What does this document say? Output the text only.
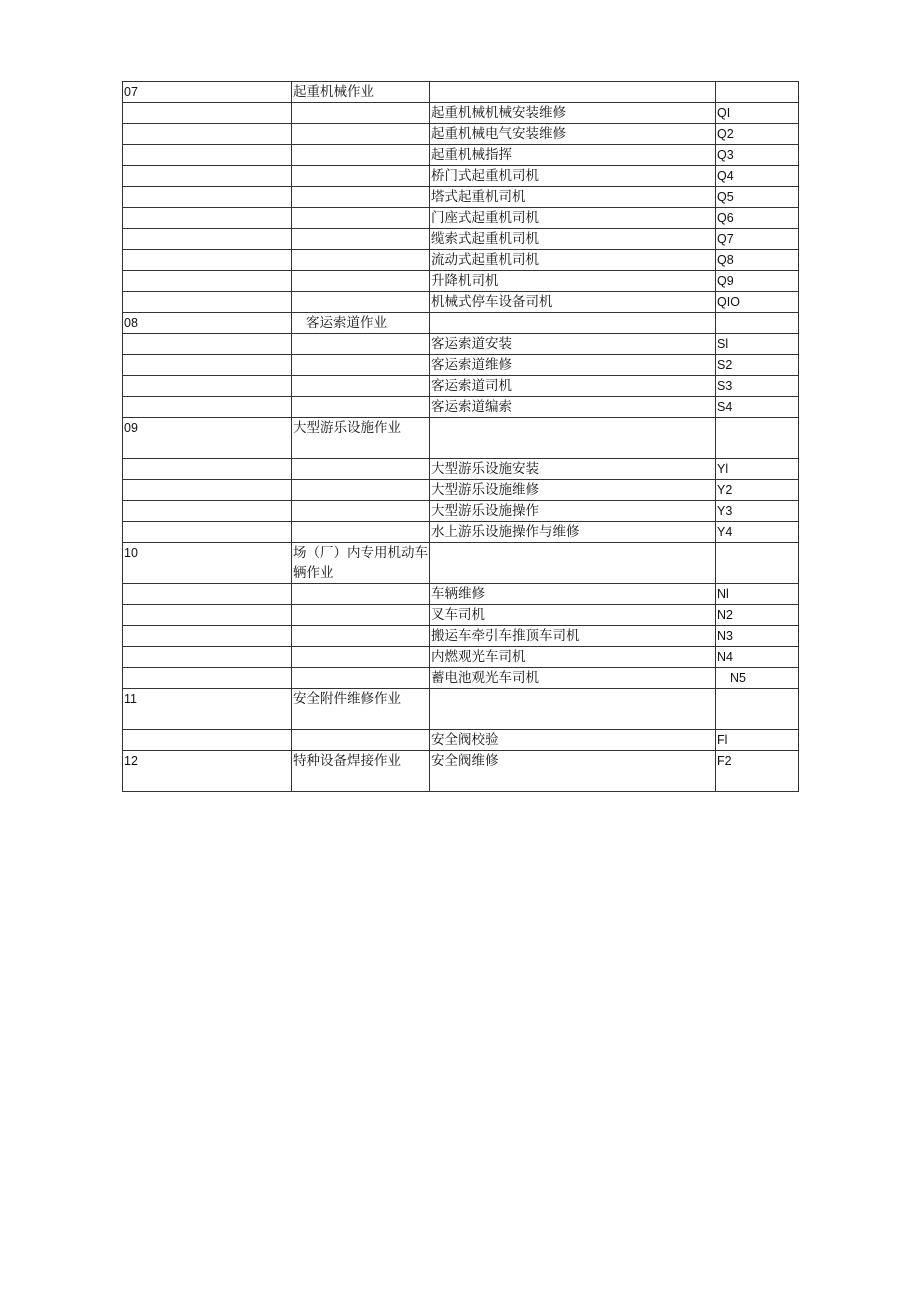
07	起重机械作业		
		起重机械机械安装维修	QI
		起重机械电气安装维修	Q2
		起重机械指挥	Q3
		桥门式起重机司机	Q4
		塔式起重机司机	Q5
		门座式起重机司机	Q6
		缆索式起重机司机	Q7
		流动式起重机司机	Q8
		升降机司机	Q9
		机械式停车设备司机	QIO
08	客运索道作业		
		客运索道安装	Sl
		客运索道维修	S2
		客运索道司机	S3
		客运索道编索	S4
09	大型游乐设施作业		
		大型游乐设施安装	Yl
		大型游乐设施维修	Y2
		大型游乐设施操作	Y3
		水上游乐设施操作与维修	Y4
10	场（厂）内专用机动车辆作业		
		车辆维修	Nl
		叉车司机	N2
		搬运车牵引车推顶车司机	N3
		内燃观光车司机	N4
		蓄电池观光车司机	N5
11	安全附件维修作业		
		安全阀校验	Fl
12	特种设备焊接作业	安全阀维修	F2
